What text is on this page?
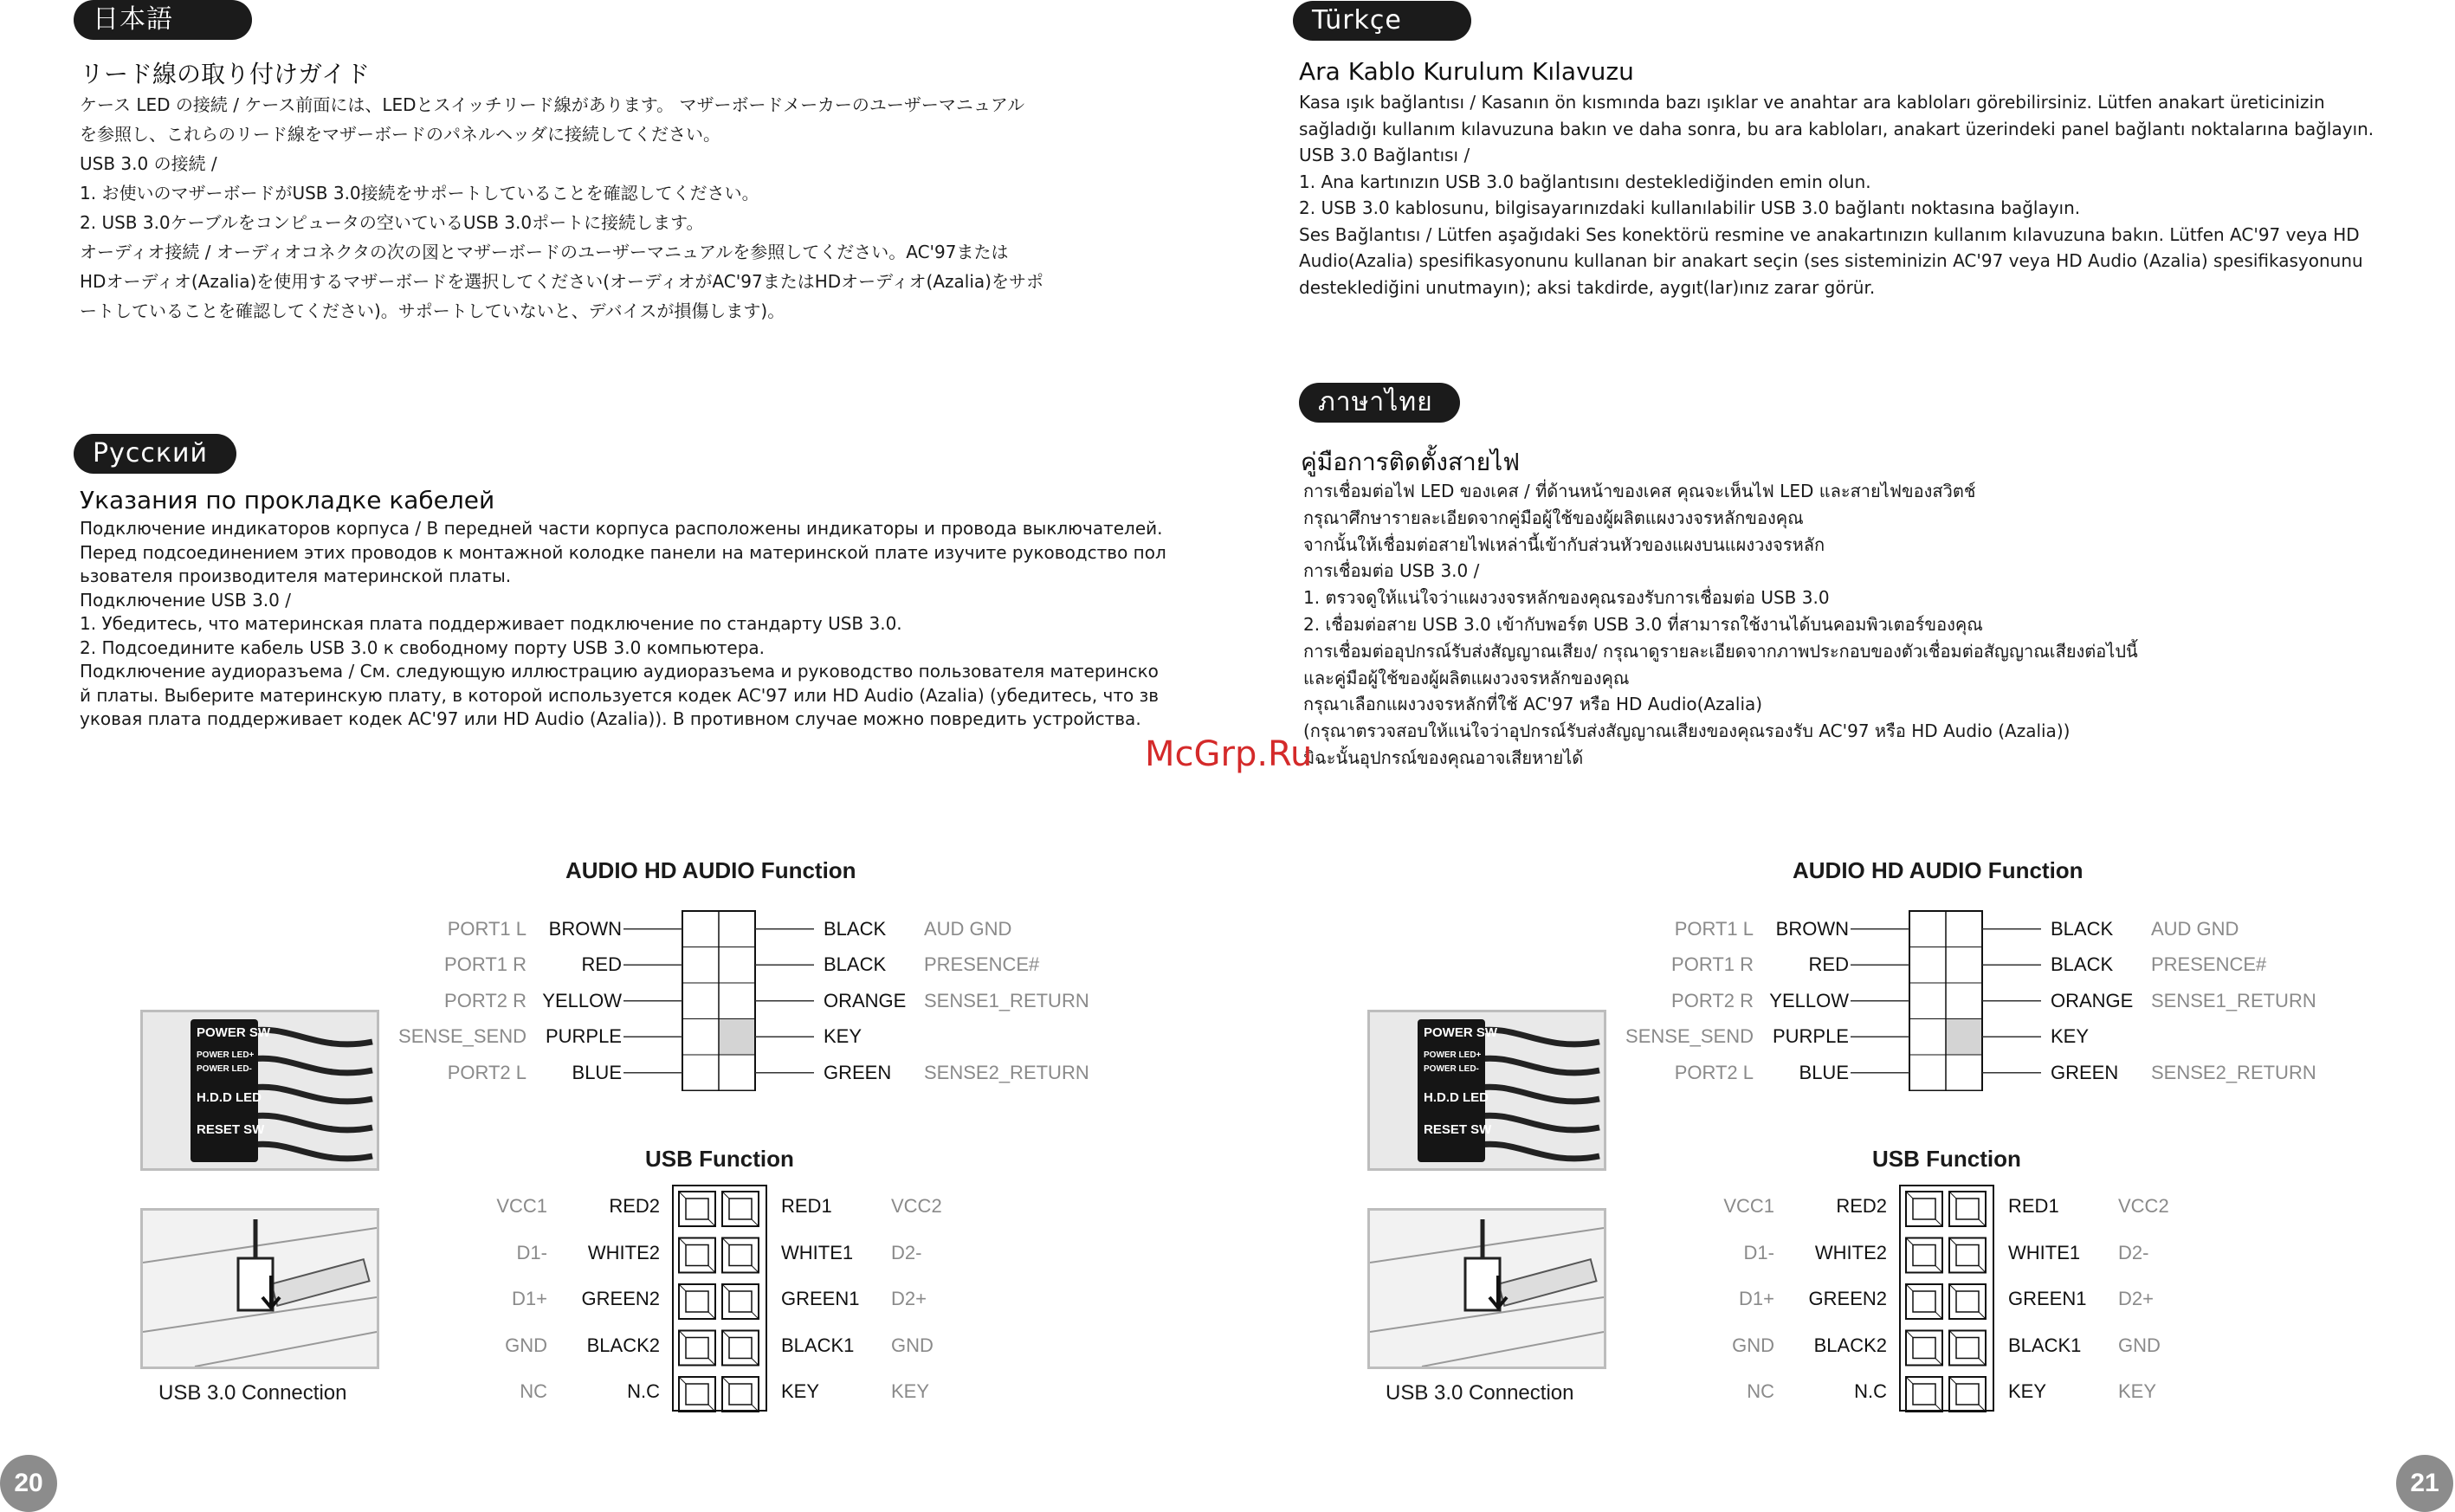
日本語
リード線の取り付けガイド
ケース LED の接続 / ケース前面には、LEDとスイッチリード線があります。 マザーボードメーカーのユーザーマニュアル
を参照し、これらのリード線をマザーボードのパネルヘッダに接続してください。
USB 3.0 の接続 /
1. お使いのマザーボードがUSB 3.0接続をサポートしていることを確認してください。
2. USB 3.0ケーブルをコンピュータの空いているUSB 3.0ポートに接続します。
オーディオ接続 / オーディオコネクタの次の図とマザーボードのユーザーマニュアルを参照してください。AC'97または
HDオーディオ(Azalia)を使用するマザーボードを選択してください(オーディオがAC'97またはHDオーディオ(Azalia)をサポ
ートしていることを確認してください)。サポートしていないと、デバイスが損傷します)。
Русский
Указания по прокладке кабелей
Подключение индикаторов корпуса / В передней части корпуса расположены индикаторы и провода выключателей.
Перед подсоединением этих проводов к монтажной колодке панели на материнской плате изучите руководство пол
ьзователя производителя материнской платы.
Подключение USB 3.0 /
1. Убедитесь, что материнская плата поддерживает подключение по стандарту USB 3.0.
2. Подсоедините кабель USB 3.0 к свободному порту USB 3.0 компьютера.
Подключение аудиоразъема / См. следующую иллюстрацию аудиоразъема и руководство пользователя материнско
й платы. Выберите материнскую плату, в которой используется кодек AC'97 или HD Audio (Azalia) (убедитесь, что зв
уковая плата поддерживает кодек AC'97 или HD Audio (Azalia)). В противном случае можно повредить устройства.
Türkçe
Ara Kablo Kurulum Kılavuzu
Kasa ışık bağlantısı / Kasanın ön kısmında bazı ışıklar ve anahtar ara kabloları görebilirsiniz. Lütfen anakart üreticinizin
sağladığı kullanım kılavuzuna bakın ve daha sonra, bu ara kabloları, anakart üzerindeki panel bağlantı noktalarına bağlayın.
USB 3.0 Bağlantısı /
1. Ana kartınızın USB 3.0 bağlantısını desteklediğinden emin olun.
2. USB 3.0 kablosunu, bilgisayarınızdaki kullanılabilir USB 3.0 bağlantı noktasına bağlayın.
Ses Bağlantısı / Lütfen aşağıdaki Ses konektörü resmine ve anakartınızın kullanım kılavuzuna bakın. Lütfen AC'97 veya HD
Audio(Azalia) spesifikasyonunu kullanan bir anakart seçin (ses sisteminizin AC'97 veya HD Audio (Azalia) spesifikasyonunu
desteklediğini unutmayın); aksi takdirde, aygıt(lar)ınız zarar görür.
ภาษาไทย
คู่มือการติดตั้งสายไฟ
การเชื่อมต่อไฟ LED ของเคส / ที่ด้านหน้าของเคส คุณจะเห็นไฟ LED และสายไฟของสวิตช์
กรุณาศึกษารายละเอียดจากคู่มือผู้ใช้ของผู้ผลิตแผงวงจรหลักของคุณ
จากนั้นให้เชื่อมต่อสายไฟเหล่านี้เข้ากับส่วนหัวของแผงบนแผงวงจรหลัก
การเชื่อมต่อ USB 3.0 /
1. ตรวจดูให้แน่ใจว่าแผงวงจรหลักของคุณรองรับการเชื่อมต่อ USB 3.0
2. เชื่อมต่อสาย USB 3.0 เข้ากับพอร์ต USB 3.0 ที่สามารถใช้งานได้บนคอมพิวเตอร์ของคุณ
การเชื่อมต่ออุปกรณ์รับส่งสัญญาณเสียง/ กรุณาดูรายละเอียดจากภาพประกอบของตัวเชื่อมต่อสัญญาณเสียงต่อไปนี้
และคู่มือผู้ใช้ของผู้ผลิตแผงวงจรหลักของคุณ
กรุณาเลือกแผงวงจรหลักที่ใช้ AC'97 หรือ HD Audio(Azalia)
(กรุณาตรวจสอบให้แน่ใจว่าอุปกรณ์รับส่งสัญญาณเสียงของคุณรองรับ AC'97 หรือ HD Audio (Azalia))
มิฉะนั้นอุปกรณ์ของคุณอาจเสียหายได้
McGrp.Ru
AUDIO HD AUDIO Function
PORT1 L	BROWN	BLACK AUD GND
PORT1 R	RED	BLACK PRESENCE#
PORT2 R YELLOW	ORANGE SENSE1_RETURN
SENSE_SEND PURPLE	KEY
PORT2 L	BLUE	GREEN SENSE2_RETURN
POWER SW
POWER LED+
POWER LED-
H.D.D LED
RESET SW
USB Function
VCC1	RED2	RED1	VCC2
D1-	WHITE2	WHITE1 D2-
D1+	GREEN2	GREEN1 D2+
GND	BLACK2	BLACK1 GND
NC	N.C	KEY	KEY
USB 3.0 Connection
AUDIO HD AUDIO Function
PORT1 L	BROWN	BLACK AUD GND
PORT1 R	RED	BLACK PRESENCE#
PORT2 R YELLOW	ORANGE SENSE1_RETURN
SENSE_SEND PURPLE	KEY
PORT2 L	BLUE	GREEN SENSE2_RETURN
POWER SW
POWER LED+
POWER LED-
H.D.D LED
RESET SW
USB Function
VCC1	RED2	RED1	VCC2
D1-	WHITE2	WHITE1 D2-
D1+	GREEN2	GREEN1 D2+
GND	BLACK2	BLACK1 GND
NC	N.C	KEY	KEY
USB 3.0 Connection
20	21
